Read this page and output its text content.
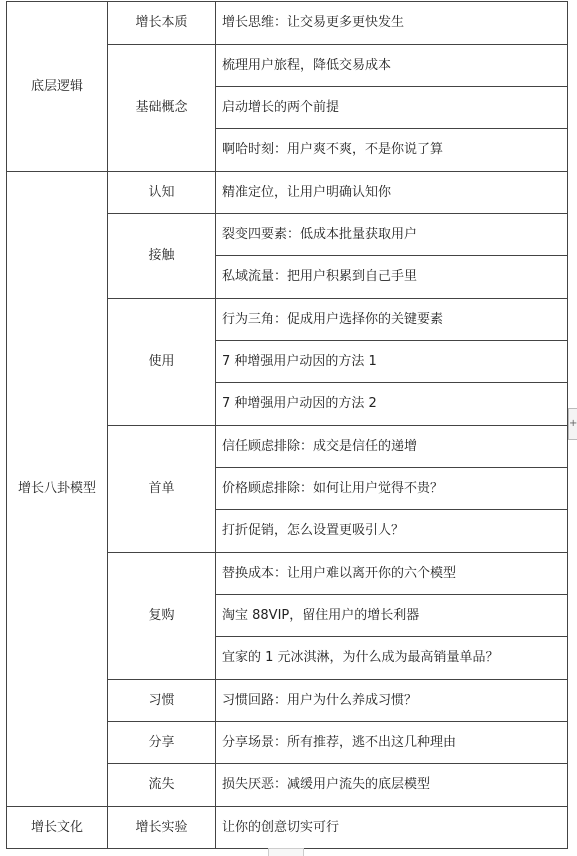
底层逻辑	增长本质	增长思维：让交易更多更快发生
	基础概念	梳理用户旅程，降低交易成本
		启动增长的两个前提
		啊哈时刻：用户爽不爽，不是你说了算
增长八卦模型	认知	精准定位，让用户明确认知你
	接触	裂变四要素：低成本批量获取用户
		私域流量：把用户积累到自己手里
	使用	行为三角：促成用户选择你的关键要素
		7 种增强用户动因的方法 1
		7 种增强用户动因的方法 2
	首单	信任顾虑排除：成交是信任的递增
		价格顾虑排除：如何让用户觉得不贵？
		打折促销，怎么设置更吸引人？
	复购	替换成本：让用户难以离开你的六个模型
		淘宝 88VIP，留住用户的增长利器
		宜家的 1 元冰淇淋，为什么成为最高销量单品？
	习惯	习惯回路：用户为什么养成习惯？
	分享	分享场景：所有推荐，逃不出这几种理由
	流失	损失厌恶：减缓用户流失的底层模型
增长文化	增长实验	让你的创意切实可行
+
